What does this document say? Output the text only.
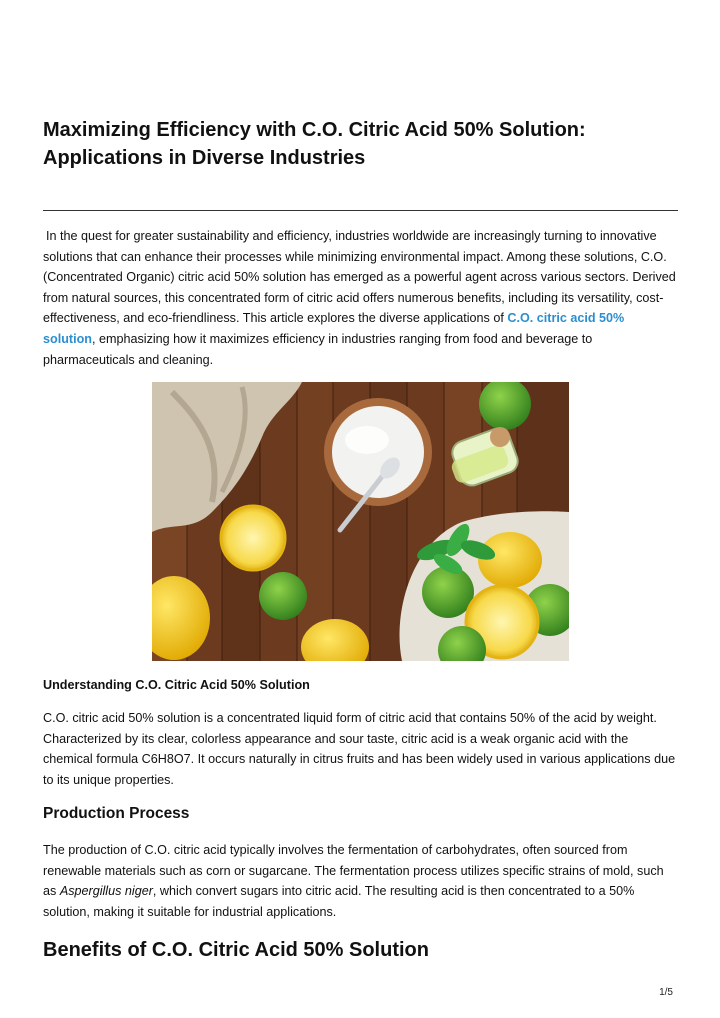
Maximizing Efficiency with C.O. Citric Acid 50% Solution:
Applications in Diverse Industries

In the quest for greater sustainability and efficiency, industries worldwide are increasingly turning to innovative solutions that can enhance their processes while minimizing environmental impact. Among these solutions, C.O. (Concentrated Organic) citric acid 50% solution has emerged as a powerful agent across various sectors. Derived from natural sources, this concentrated form of citric acid offers numerous benefits, including its versatility, cost-effectiveness, and eco-friendliness. This article explores the diverse applications of C.O. citric acid 50% solution, emphasizing how it maximizes efficiency in industries ranging from food and beverage to pharmaceuticals and cleaning.

Understanding C.O. Citric Acid 50% Solution

C.O. citric acid 50% solution is a concentrated liquid form of citric acid that contains 50% of the acid by weight. Characterized by its clear, colorless appearance and sour taste, citric acid is a weak organic acid with the chemical formula C6H8O7. It occurs naturally in citrus fruits and has been widely used in various applications due to its unique properties.

Production Process

The production of C.O. citric acid typically involves the fermentation of carbohydrates, often sourced from renewable materials such as corn or sugarcane. The fermentation process utilizes specific strains of mold, such as Aspergillus niger, which convert sugars into citric acid. The resulting acid is then concentrated to a 50% solution, making it suitable for industrial applications.

Benefits of C.O. Citric Acid 50% Solution
1/5
